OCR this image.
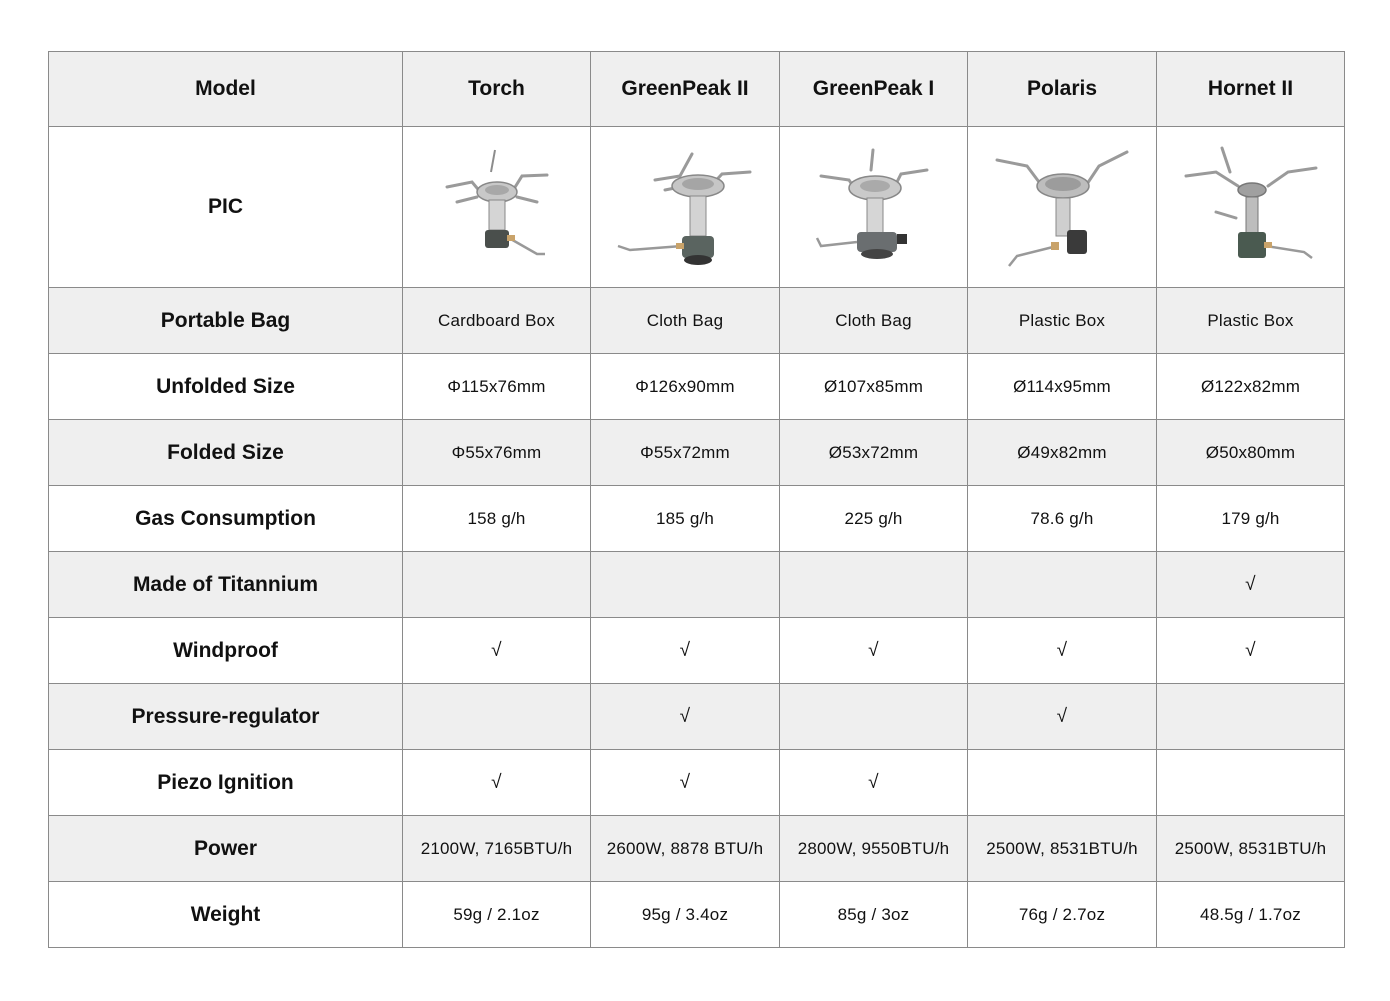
Model	Torch	GreenPeak II	GreenPeak I	Polaris	Hornet II
PIC	

Portable Bag	Cardboard Box	Cloth Bag	Cloth Bag	Plastic Box	Plastic Box
Unfolded Size	Φ115x76mm	Φ126x90mm	Ø107x85mm	Ø114x95mm	Ø122x82mm
Folded Size	Φ55x76mm	Φ55x72mm	Ø53x72mm	Ø49x82mm	Ø50x80mm
Gas Consumption	158 g/h	185 g/h	225 g/h	78.6 g/h	179 g/h
Made of Titannium					√
Windproof	√	√	√	√	√
Pressure-regulator		√		√	
Piezo Ignition	√	√	√		
Power	2100W, 7165BTU/h	2600W, 8878 BTU/h	2800W, 9550BTU/h	2500W, 8531BTU/h	2500W, 8531BTU/h
Weight	59g / 2.1oz	95g / 3.4oz	85g / 3oz	76g / 2.7oz	48.5g / 1.7oz
